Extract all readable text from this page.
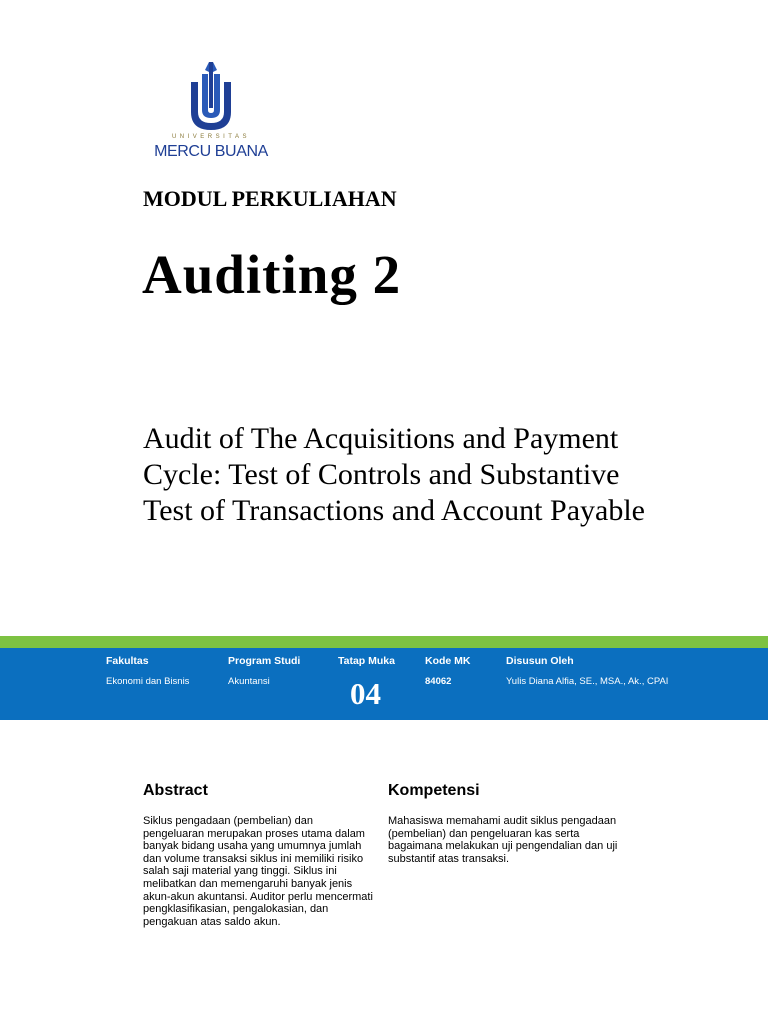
UNIVERSITAS
MERCU BUANA
MODUL PERKULIAHAN
Auditing 2
Audit of The Acquisitions and Payment Cycle: Test of Controls and Substantive Test of Transactions and Account Payable
Fakultas
Ekonomi dan Bisnis
Program Studi
Akuntansi
Tatap Muka
04
Kode MK
84062
Disusun Oleh
Yulis Diana Alfia, SE., MSA., Ak., CPAI
Abstract
Siklus pengadaan (pembelian) dan pengeluaran merupakan proses utama dalam banyak bidang usaha yang umumnya jumlah dan volume transaksi siklus ini memiliki risiko salah saji material yang tinggi. Siklus ini melibatkan dan memengaruhi banyak jenis akun-akun akuntansi. Auditor perlu mencermati pengklasifikasian, pengalokasian, dan pengakuan atas saldo akun.
Kompetensi
Mahasiswa memahami audit siklus pengadaan (pembelian) dan pengeluaran kas serta bagaimana melakukan uji pengendalian dan uji substantif atas transaksi.
